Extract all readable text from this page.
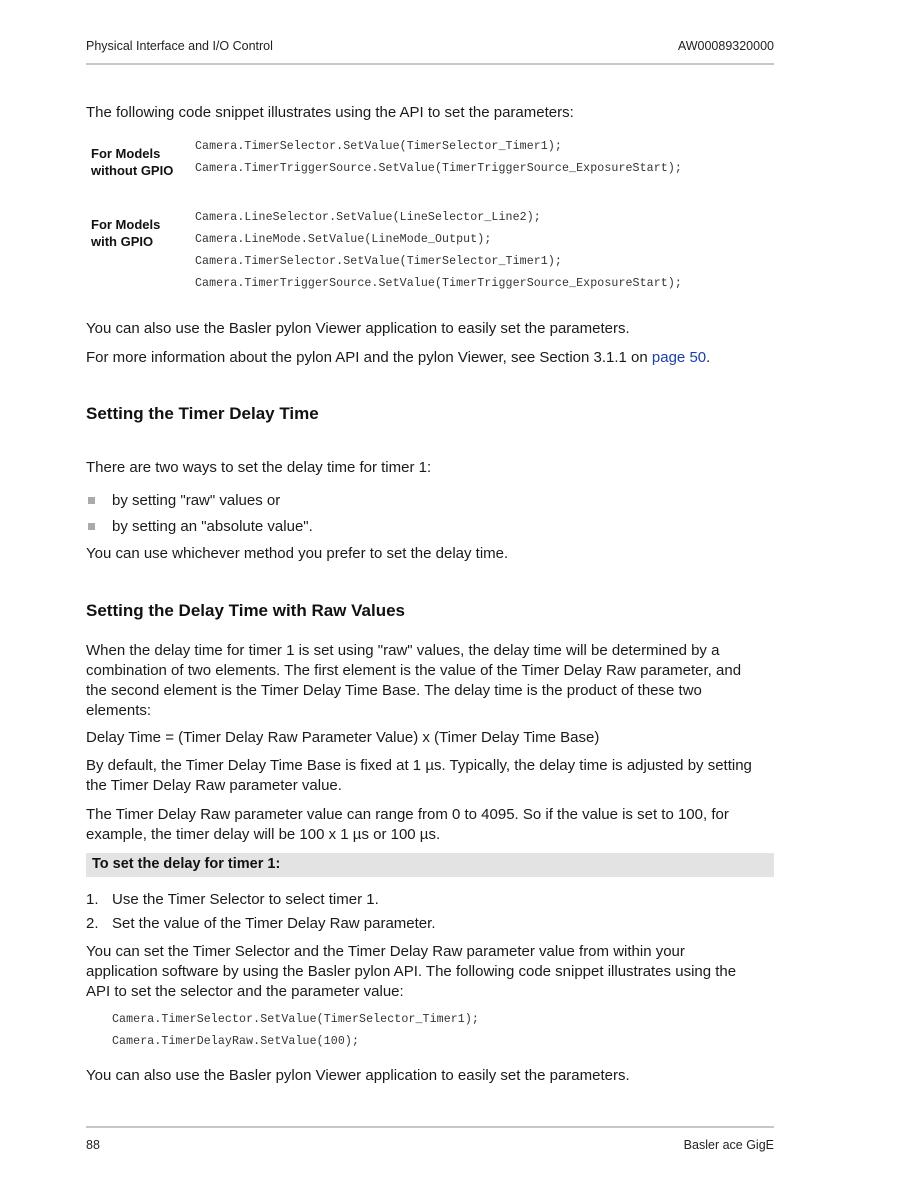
Physical Interface and I/O Control	AW00089320000
The following code snippet illustrates using the API to set the parameters:
For Models
without GPIO
Camera.TimerSelector.SetValue(TimerSelector_Timer1);
Camera.TimerTriggerSource.SetValue(TimerTriggerSource_ExposureStart);
For Models
with GPIO
Camera.LineSelector.SetValue(LineSelector_Line2);
Camera.LineMode.SetValue(LineMode_Output);
Camera.TimerSelector.SetValue(TimerSelector_Timer1);
Camera.TimerTriggerSource.SetValue(TimerTriggerSource_ExposureStart);
You can also use the Basler pylon Viewer application to easily set the parameters.
For more information about the pylon API and the pylon Viewer, see Section 3.1.1 on page 50.
Setting the Timer Delay Time
There are two ways to set the delay time for timer 1:
by setting "raw" values or
by setting an "absolute value".
You can use whichever method you prefer to set the delay time.
Setting the Delay Time with Raw Values
When the delay time for timer 1 is set using "raw" values, the delay time will be determined by a
combination of two elements. The first element is the value of the Timer Delay Raw parameter, and
the second element is the Timer Delay Time Base. The delay time is the product of these two
elements:
Delay Time = (Timer Delay Raw Parameter Value) x (Timer Delay Time Base)
By default, the Timer Delay Time Base is fixed at 1 µs. Typically, the delay time is adjusted by setting
the Timer Delay Raw parameter value.
The Timer Delay Raw parameter value can range from 0 to 4095. So if the value is set to 100, for
example, the timer delay will be 100 x 1 µs or 100 µs.
To set the delay for timer 1:
1. Use the Timer Selector to select timer 1.
2. Set the value of the Timer Delay Raw parameter.
You can set the Timer Selector and the Timer Delay Raw parameter value from within your
application software by using the Basler pylon API. The following code snippet illustrates using the
API to set the selector and the parameter value:
Camera.TimerSelector.SetValue(TimerSelector_Timer1);
Camera.TimerDelayRaw.SetValue(100);
You can also use the Basler pylon Viewer application to easily set the parameters.
88	Basler ace GigE
